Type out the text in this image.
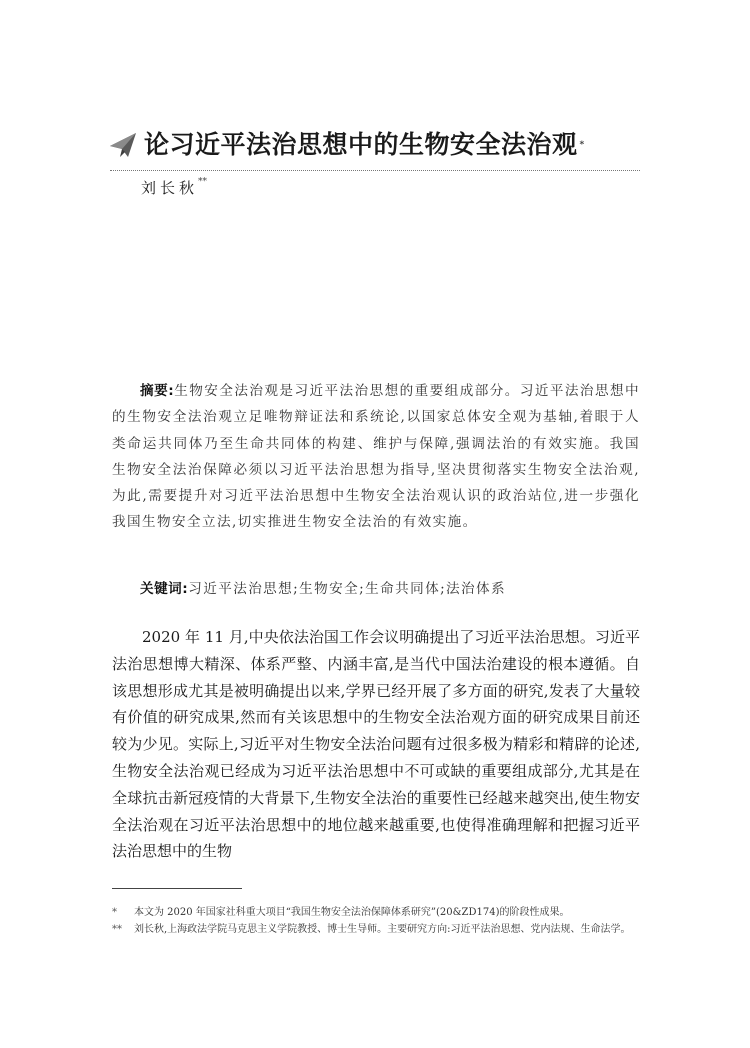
论习近平法治思想中的生物安全法治观 *
刘长秋**
摘要:生物安全法治观是习近平法治思想的重要组成部分。习近平法治思想中的生物安全法治观立足唯物辩证法和系统论,以国家总体安全观为基轴,着眼于人类命运共同体乃至生命共同体的构建、维护与保障,强调法治的有效实施。我国生物安全法治保障必须以习近平法治思想为指导,坚决贯彻落实生物安全法治观,为此,需要提升对习近平法治思想中生物安全法治观认识的政治站位,进一步强化我国生物安全立法,切实推进生物安全法治的有效实施。
关键词:习近平法治思想;生物安全;生命共同体;法治体系

2020 年 11 月,中央依法治国工作会议明确提出了习近平法治思想。习近平法治思想博大精深、体系严整、内涵丰富,是当代中国法治建设的根本遵循。自该思想形成尤其是被明确提出以来,学界已经开展了多方面的研究,发表了大量较有价值的研究成果,然而有关该思想中的生物安全法治观方面的研究成果目前还较为少见。实际上,习近平对生物安全法治问题有过很多极为精彩和精辟的论述,生物安全法治观已经成为习近平法治思想中不可或缺的重要组成部分,尤其是在全球抗击新冠疫情的大背景下,生物安全法治的重要性已经越来越突出,使生物安全法治观在习近平法治思想中的地位越来越重要,也使得准确理解和把握习近平法治思想中的生物

*	本文为 2020 年国家社科重大项目“我国生物安全法治保障体系研究”(20&ZD174)的阶段性成果。
**	刘长秋,上海政法学院马克思主义学院教授、博士生导师。主要研究方向:习近平法治思想、党内法规、生命法学。
